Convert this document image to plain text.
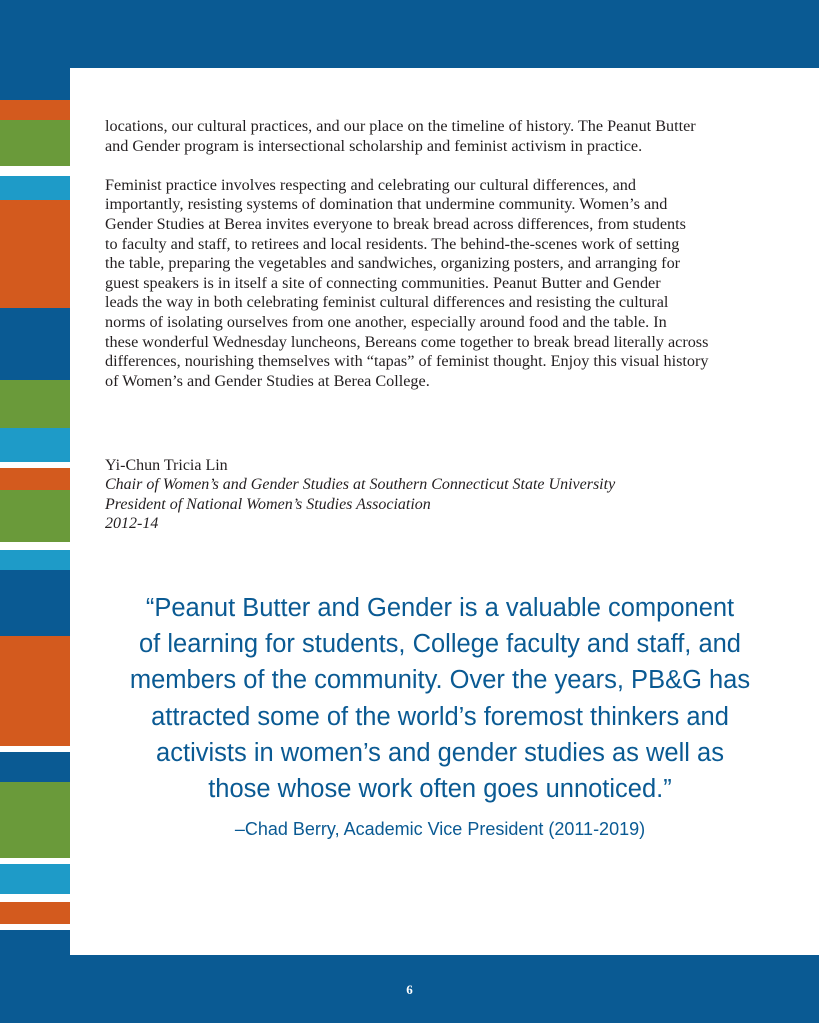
locations, our cultural practices, and our place on the timeline of history. The Peanut Butter
and Gender program is intersectional scholarship and feminist activism in practice.

Feminist practice involves respecting and celebrating our cultural differences, and
importantly, resisting systems of domination that undermine community. Women’s and
Gender Studies at Berea invites everyone to break bread across differences, from students
to faculty and staff, to retirees and local residents. The behind-the-scenes work of setting
the table, preparing the vegetables and sandwiches, organizing posters, and arranging for
guest speakers is in itself a site of connecting communities. Peanut Butter and Gender
leads the way in both celebrating feminist cultural differences and resisting the cultural
norms of isolating ourselves from one another, especially around food and the table. In
these wonderful Wednesday luncheons, Bereans come together to break bread literally across
differences, nourishing themselves with “tapas” of feminist thought. Enjoy this visual history
of Women’s and Gender Studies at Berea College.

Yi-Chun Tricia Lin
Chair of Women’s and Gender Studies at Southern Connecticut State University
President of National Women’s Studies Association
2012-14
“Peanut Butter and Gender is a valuable component
of learning for students, College faculty and staff, and
members of the community. Over the years, PB&G has
attracted some of the world’s foremost thinkers and
activists in women’s and gender studies as well as
those whose work often goes unnoticed.”
–Chad Berry, Academic Vice President (2011-2019)
6
